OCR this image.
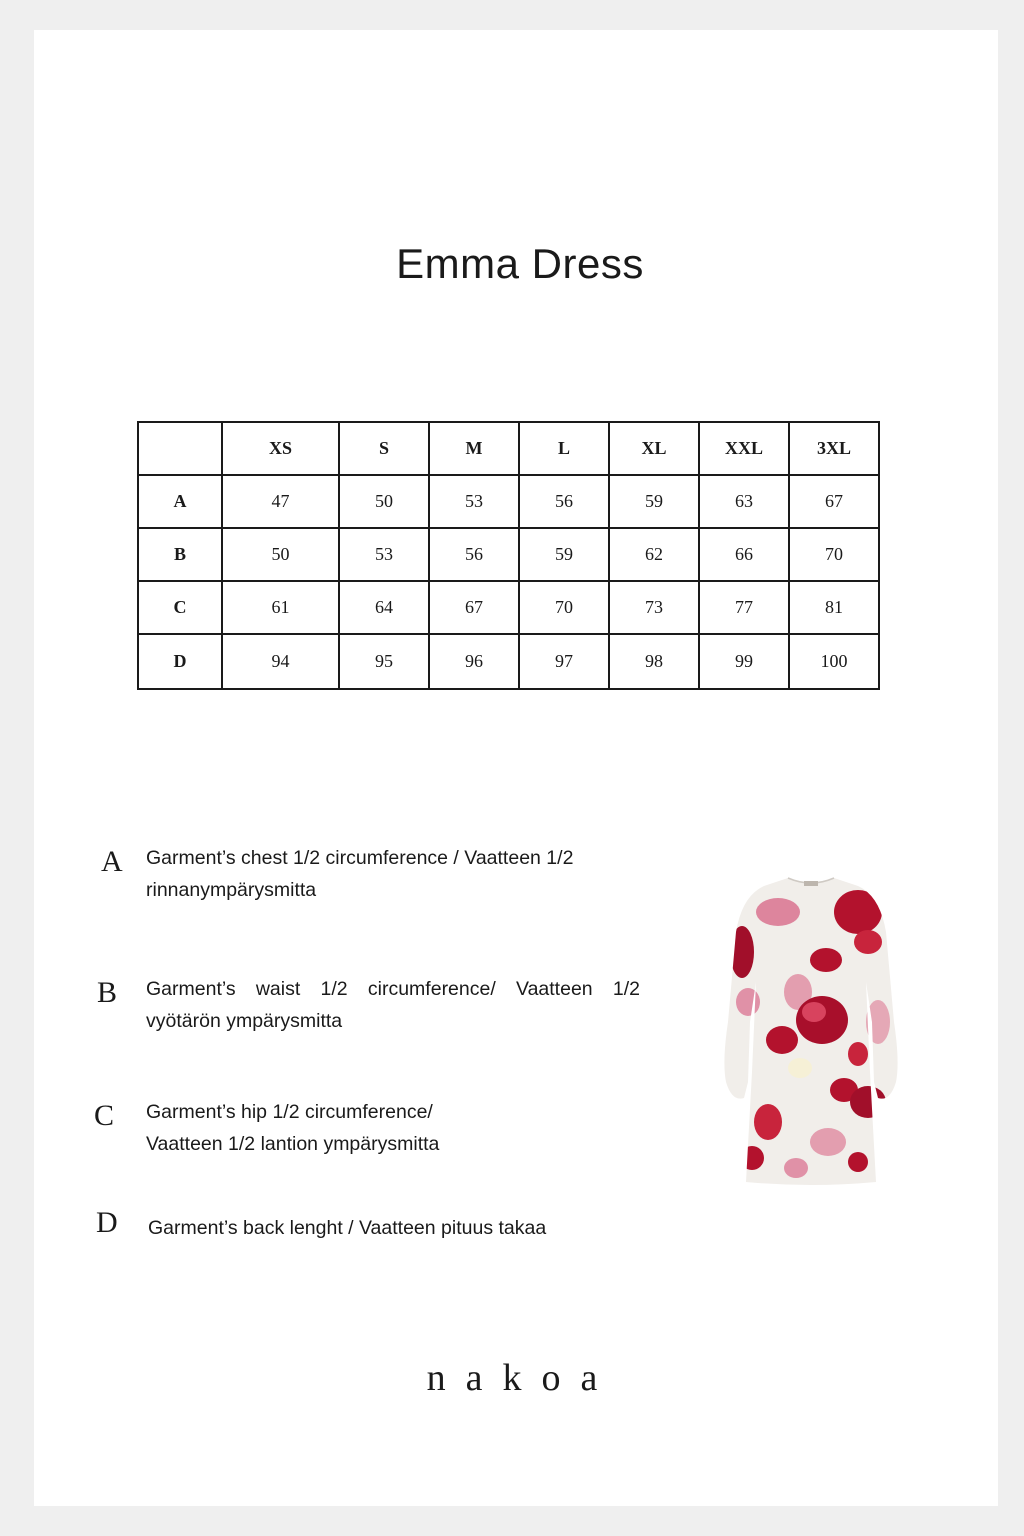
Emma Dress
	XS	S	M	L	XL	XXL	3XL
A	47	50	53	56	59	63	67
B	50	53	56	59	62	66	70
C	61	64	67	70	73	77	81
D	94	95	96	97	98	99	100
A Garment’s chest 1/2 circumference / Vaatteen 1/2
rinnanympärysmitta
B Garment’s waist 1/2 circumference/ Vaatteen 1/2
vyötärön ympärysmitta
C Garment’s hip 1/2 circumference/
Vaatteen 1/2 lantion ympärysmitta
D Garment’s back lenght / Vaatteen pituus takaa
nakoa
